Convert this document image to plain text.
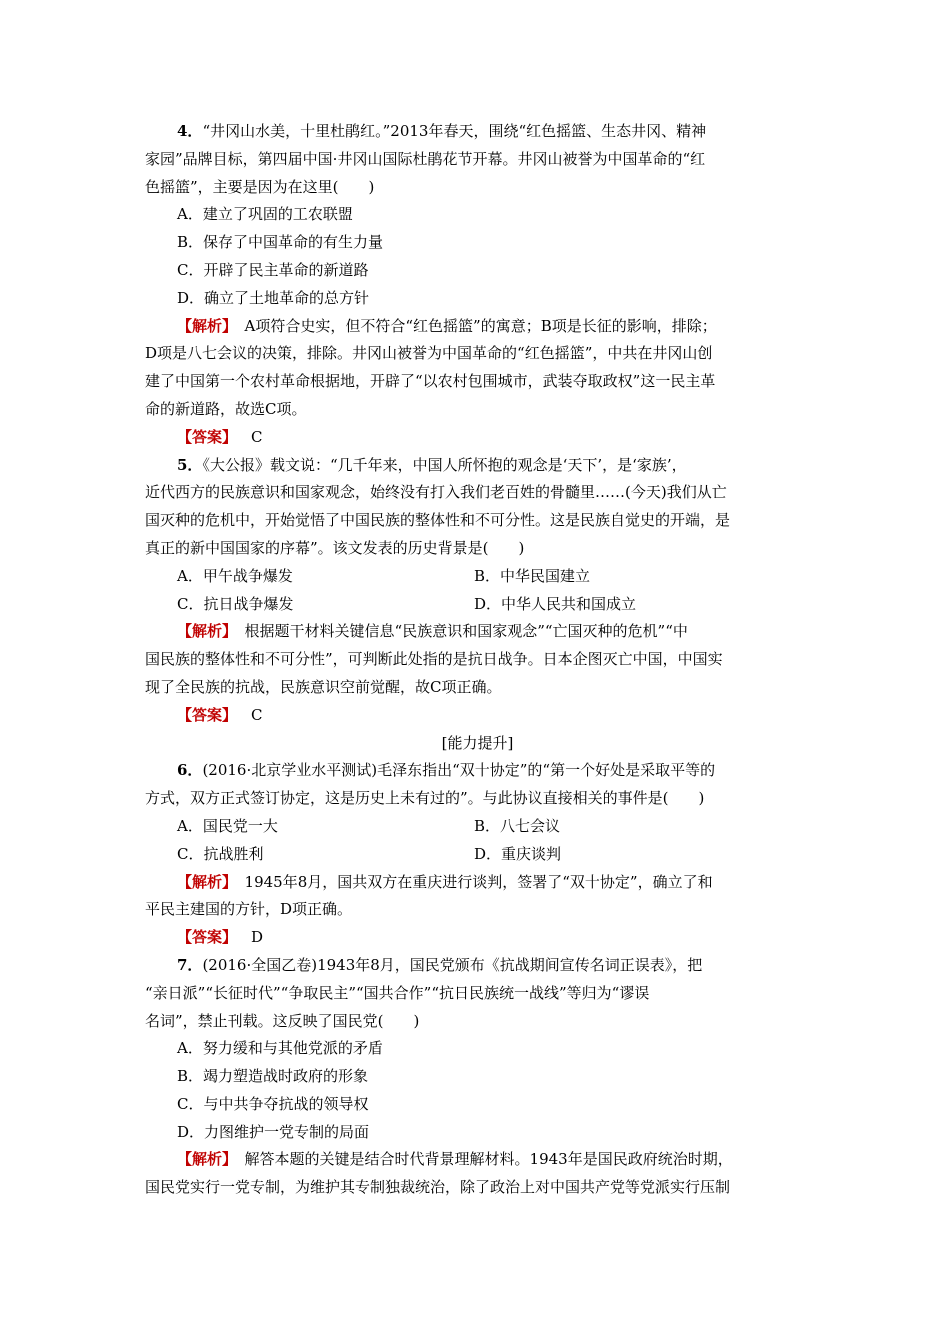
4．“井冈山水美，十里杜鹃红。”2013年春天，围绕“红色摇篮、生态井冈、精神
家园”品牌目标，第四届中国·井冈山国际杜鹃花节开幕。井冈山被誉为中国革命的“红
色摇篮”，主要是因为在这里(　　)
A．建立了巩固的工农联盟
B．保存了中国革命的有生力量
C．开辟了民主革命的新道路
D．确立了土地革命的总方针
【解析】　 A项符合史实，但不符合“红色摇篮”的寓意；B项是长征的影响，排除；
D项是八七会议的决策，排除。井冈山被誉为中国革命的“红色摇篮”，中共在井冈山创
建了中国第一个农村革命根据地，开辟了“以农村包围城市，武装夺取政权”这一民主革
命的新道路，故选C项。
【答案】 C
5．《大公报》载文说：“几千年来，中国人所怀抱的观念是‘天下’，是‘家族’，
近代西方的民族意识和国家观念，始终没有打入我们老百姓的骨髓里……(今天)我们从亡
国灭种的危机中，开始觉悟了中国民族的整体性和不可分性。这是民族自觉史的开端，是
真正的新中国国家的序幕”。该文发表的历史背景是(　　)
A．甲午战争爆发	B．中华民国建立
C．抗日战争爆发	D．中华人民共和国成立
【解析】　 根据题干材料关键信息“民族意识和国家观念”“亡国灭种的危机”“中
国民族的整体性和不可分性”，可判断此处指的是抗日战争。日本企图灭亡中国，中国实
现了全民族的抗战，民族意识空前觉醒，故C项正确。
【答案】 C
[能力提升]
6．(2016·北京学业水平测试)毛泽东指出“双十协定”的“第一个好处是采取平等的
方式，双方正式签订协定，这是历史上未有过的”。与此协议直接相关的事件是(　　)
A．国民党一大	B．八七会议
C．抗战胜利	D．重庆谈判
【解析】　 1945年8月，国共双方在重庆进行谈判，签署了“双十协定”，确立了和
平民主建国的方针，D项正确。
【答案】 D
7．(2016·全国乙卷)1943年8月，国民党颁布《抗战期间宣传名词正误表》，把
“亲日派”“长征时代”“争取民主”“国共合作”“抗日民族统一战线”等归为“谬误
名词”，禁止刊载。这反映了国民党(　　)
A．努力缓和与其他党派的矛盾
B．竭力塑造战时政府的形象
C．与中共争夺抗战的领导权
D．力图维护一党专制的局面
【解析】　 解答本题的关键是结合时代背景理解材料。1943年是国民政府统治时期，
国民党实行一党专制，为维护其专制独裁统治，除了政治上对中国共产党等党派实行压制
